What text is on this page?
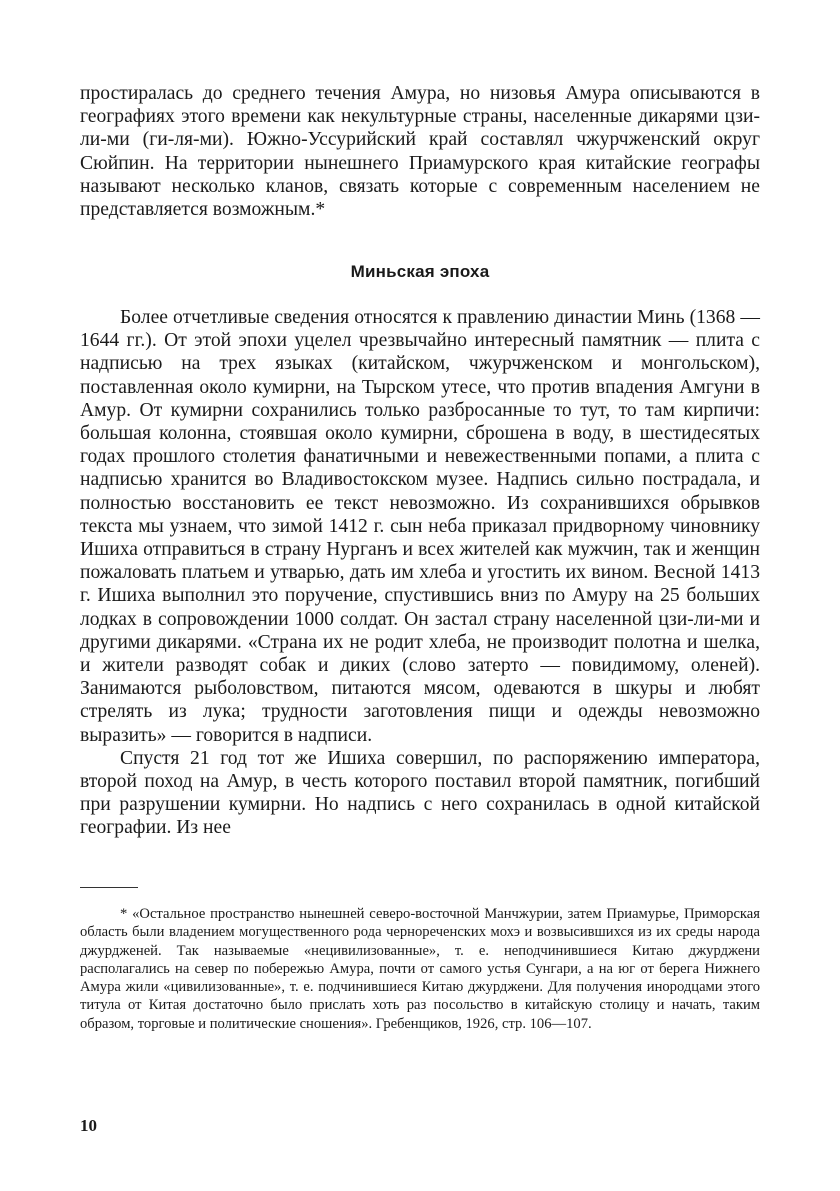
простиралась до среднего течения Амура, но низовья Амура описываются в географиях этого времени как некультурные страны, населенные дикарями цзи-ли-ми (ги-ля-ми). Южно-Уссурийский край составлял чжурчженский округ Сюйпин. На территории нынешнего Приамурского края китайские географы называют несколько кланов, связать которые с современным населением не представляется возможным.*

Миньская эпоха

Более отчетливые сведения относятся к правлению династии Минь (1368 — 1644 гг.). От этой эпохи уцелел чрезвычайно интересный памятник — плита с надписью на трех языках (китайском, чжурчженском и монгольском), поставленная около кумирни, на Тырском утесе, что против впадения Амгуни в Амур. От кумирни сохранились только разбросанные то тут, то там кирпичи: большая колонна, стоявшая около кумирни, сброшена в воду, в шестидесятых годах прошлого столетия фанатичными и невежественными попами, а плита с надписью хранится во Владивостокском музее. Надпись сильно пострадала, и полностью восстановить ее текст невозможно. Из сохранившихся обрывков текста мы узнаем, что зимой 1412 г. сын неба приказал придворному чиновнику Ишиха отправиться в страну Нурганъ и всех жителей как мужчин, так и женщин пожаловать платьем и утварью, дать им хлеба и угостить их вином. Весной 1413 г. Ишиха выполнил это поручение, спустившись вниз по Амуру на 25 больших лодках в сопровождении 1000 солдат. Он застал страну населенной цзи-ли-ми и другими дикарями. «Страна их не родит хлеба, не производит полотна и шелка, и жители разводят собак и диких (слово затерто — повидимому, оленей). Занимаются рыболовством, питаются мясом, одеваются в шкуры и любят стрелять из лука; трудности заготовления пищи и одежды невозможно выразить» — говорится в надписи.

Спустя 21 год тот же Ишиха совершил, по распоряжению императора, второй поход на Амур, в честь которого поставил второй памятник, погибший при разрушении кумирни. Но надпись с него сохранилась в одной китайской географии. Из нее

* «Остальное пространство нынешней северо-восточной Манчжурии, затем Приамурье, Приморская область были владением могущественного рода черноречeнских мохэ и возвысившихся из их среды народа джурджeней. Так называемые «нецивилизованные», т. е. неподчинившиеся Китаю джурджени располагались на север по побережью Амура, почти от самого устья Сунгари, а на юг от берега Нижнего Амура жили «цивилизованные», т. е. подчинившиеся Китаю джурджени. Для получения инородцами этого титула от Китая достаточно было прислать хоть раз посольство в китайскую столицу и начать, таким образом, торговые и политические сношения». Гребенщиков, 1926, стр. 106—107.

10
